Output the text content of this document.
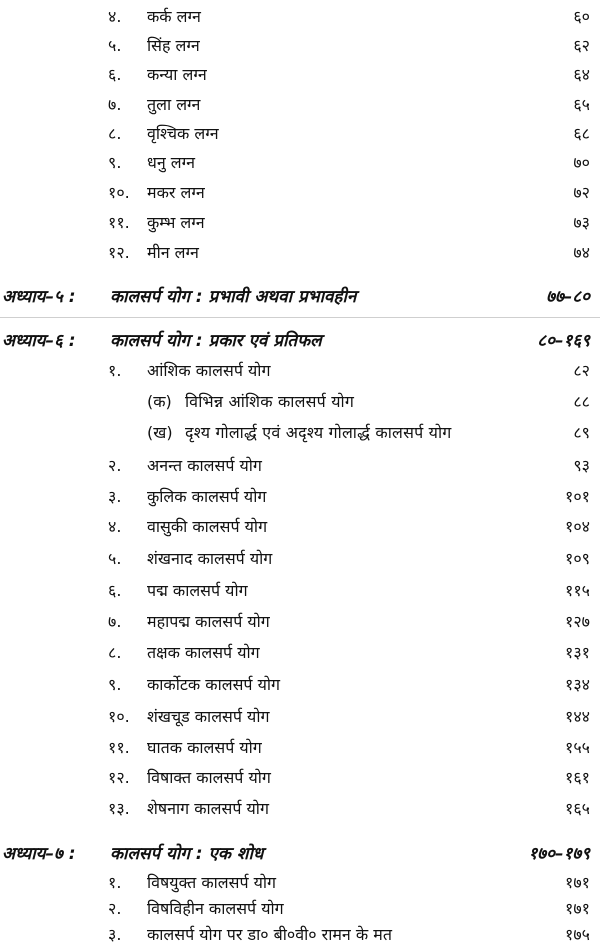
४. कर्क लग्न	६०
५. सिंह लग्न	६२
६. कन्या लग्न	६४
७. तुला लग्न	६५
८. वृश्चिक लग्न	६८
९. धनु लग्न	७०
१०. मकर लग्न	७२
११. कुम्भ लग्न	७३
१२. मीन लग्न	७४
अध्याय–५ : कालसर्प योग : प्रभावी अथवा प्रभावहीन	७७–८०
अध्याय–६ : कालसर्प योग : प्रकार एवं प्रतिफल	८०–१६९
१. आंशिक कालसर्प योग	८२
(क) विभिन्न आंशिक कालसर्प योग	८८
(ख) दृश्य गोलार्द्ध एवं अदृश्य गोलार्द्ध कालसर्प योग	८९
२. अनन्त कालसर्प योग	९३
३. कुलिक कालसर्प योग	१०१
४. वासुकी कालसर्प योग	१०४
५. शंखनाद कालसर्प योग	१०९
६. पद्म कालसर्प योग	११५
७. महापद्म कालसर्प योग	१२७
८. तक्षक कालसर्प योग	१३१
९. कार्कोटक कालसर्प योग	१३४
१०. शंखचूड कालसर्प योग	१४४
११. घातक कालसर्प योग	१५५
१२. विषाक्त कालसर्प योग	१६१
१३. शेषनाग कालसर्प योग	१६५
अध्याय–७ : कालसर्प योग : एक शोध	१७०–१७९
१. विषयुक्त कालसर्प योग	१७१
२. विषविहीन कालसर्प योग	१७१
३. कालसर्प योग पर डा० बी०वी० रामन के मत	१७५
